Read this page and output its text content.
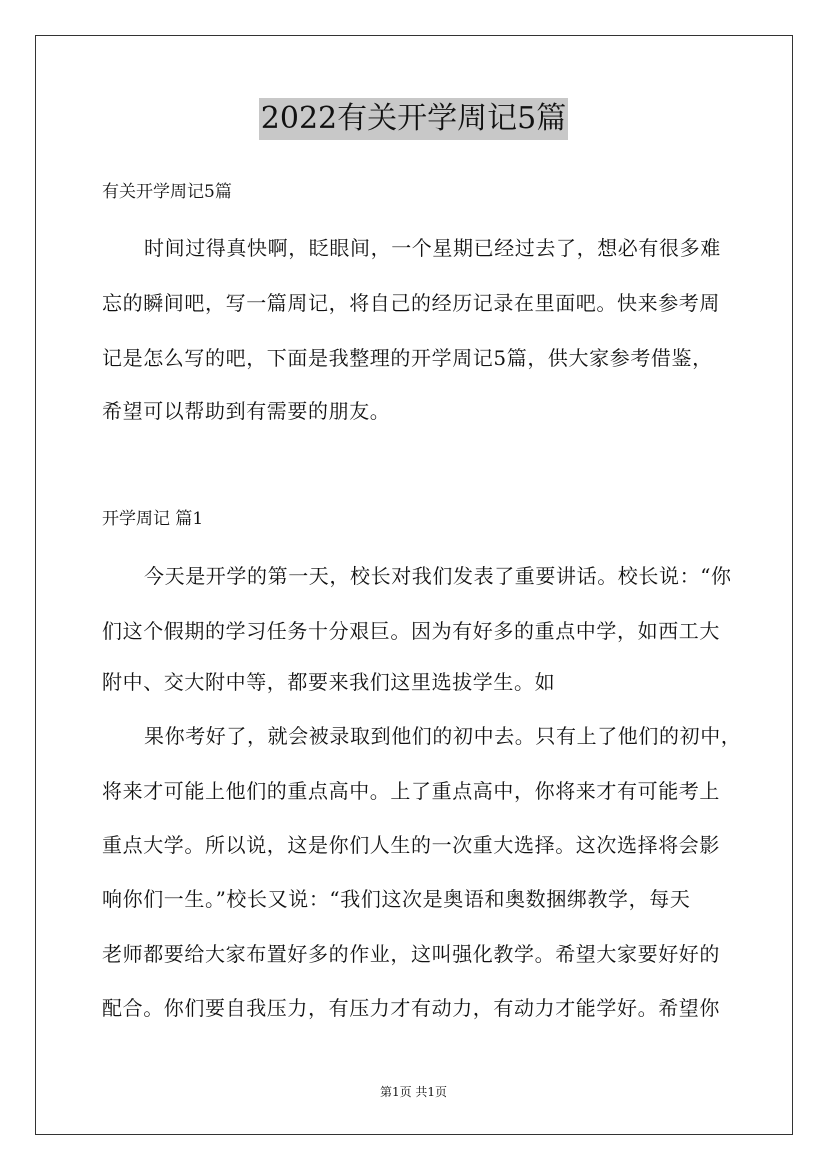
2022有关开学周记5篇
有关开学周记5篇
时间过得真快啊，眨眼间，一个星期已经过去了，想必有很多难
忘的瞬间吧，写一篇周记，将自己的经历记录在里面吧。快来参考周
记是怎么写的吧，下面是我整理的开学周记5篇，供大家参考借鉴，
希望可以帮助到有需要的朋友。
开学周记 篇1
今天是开学的第一天，校长对我们发表了重要讲话。校长说：“你
们这个假期的学习任务十分艰巨。因为有好多的重点中学，如西工大
附中、交大附中等，都要来我们这里选拔学生。如
果你考好了，就会被录取到他们的初中去。只有上了他们的初中，
将来才可能上他们的重点高中。上了重点高中，你将来才有可能考上
重点大学。所以说，这是你们人生的一次重大选择。这次选择将会影
响你们一生。”校长又说：“我们这次是奥语和奥数捆绑教学，每天
老师都要给大家布置好多的作业，这叫强化教学。希望大家要好好的
配合。你们要自我压力，有压力才有动力，有动力才能学好。希望你
第1页 共1页
